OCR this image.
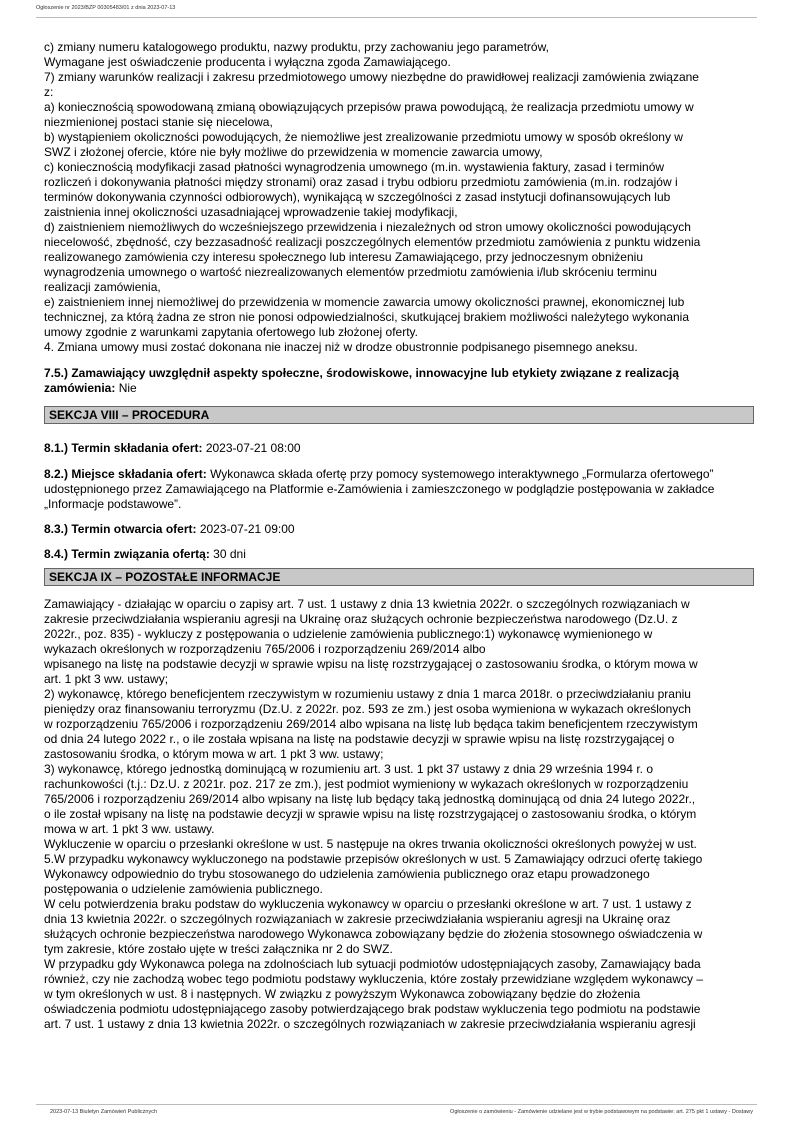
Ogłoszenie nr 2023/BZP 00305483/01 z dnia 2023-07-13
c) zmiany numeru katalogowego produktu, nazwy produktu, przy zachowaniu jego parametrów,
Wymagane jest oświadczenie producenta i wyłączna zgoda Zamawiającego.
7) zmiany warunków realizacji i zakresu przedmiotowego umowy niezbędne do prawidłowej realizacji zamówienia związane
z:
a) koniecznością spowodowaną zmianą obowiązujących przepisów prawa powodującą, że realizacja przedmiotu umowy w
niezmienionej postaci stanie się niecelowa,
b) wystąpieniem okoliczności powodujących, że niemożliwe jest zrealizowanie przedmiotu umowy w sposób określony w
SWZ i złożonej ofercie, które nie były możliwe do przewidzenia w momencie zawarcia umowy,
c) koniecznością modyfikacji zasad płatności wynagrodzenia umownego (m.in. wystawienia faktury, zasad i terminów
rozliczeń i dokonywania płatności między stronami) oraz zasad i trybu odbioru przedmiotu zamówienia (m.in. rodzajów i
terminów dokonywania czynności odbiorowych), wynikającą w szczególności z zasad instytucji dofinansowujących lub
zaistnienia innej okoliczności uzasadniającej wprowadzenie takiej modyfikacji,
d) zaistnieniem niemożliwych do wcześniejszego przewidzenia i niezależnych od stron umowy okoliczności powodujących
niecelowość, zbędność, czy bezzasadność realizacji poszczególnych elementów przedmiotu zamówienia z punktu widzenia
realizowanego zamówienia czy interesu społecznego lub interesu Zamawiającego, przy jednoczesnym obniżeniu
wynagrodzenia umownego o wartość niezrealizowanych elementów przedmiotu zamówienia i/lub skróceniu terminu
realizacji zamówienia,
e) zaistnieniem innej niemożliwej do przewidzenia w momencie zawarcia umowy okoliczności prawnej, ekonomicznej lub
technicznej, za którą żadna ze stron nie ponosi odpowiedzialności, skutkującej brakiem możliwości należytego wykonania
umowy zgodnie z warunkami zapytania ofertowego lub złożonej oferty.
4. Zmiana umowy musi zostać dokonana nie inaczej niż w drodze obustronnie podpisanego pisemnego aneksu.

7.5.) Zamawiający uwzględnił aspekty społeczne, środowiskowe, innowacyjne lub etykiety związane z realizacją
zamówienia: Nie

SEKCJA VIII – PROCEDURA

8.1.) Termin składania ofert: 2023-07-21 08:00

8.2.) Miejsce składania ofert: Wykonawca składa ofertę przy pomocy systemowego interaktywnego „Formularza ofertowego”
udostępnionego przez Zamawiającego na Platformie e-Zamówienia i zamieszczonego w podglądzie postępowania w zakładce
„Informacje podstawowe”.

8.3.) Termin otwarcia ofert: 2023-07-21 09:00

8.4.) Termin związania ofertą: 30 dni

SEKCJA IX – POZOSTAŁE INFORMACJE
Zamawiający - działając w oparciu o zapisy art. 7 ust. 1 ustawy z dnia 13 kwietnia 2022r. o szczególnych rozwiązaniach w
zakresie przeciwdziałania wspieraniu agresji na Ukrainę oraz służących ochronie bezpieczeństwa narodowego (Dz.U. z
2022r., poz. 835) - wykluczy z postępowania o udzielenie zamówienia publicznego:1) wykonawcę wymienionego w
wykazach określonych w rozporządzeniu 765/2006 i rozporządzeniu 269/2014 albo
wpisanego na listę na podstawie decyzji w sprawie wpisu na listę rozstrzygającej o zastosowaniu środka, o którym mowa w
art. 1 pkt 3 ww. ustawy;
2) wykonawcę, którego beneficjentem rzeczywistym w rozumieniu ustawy z dnia 1 marca 2018r. o przeciwdziałaniu praniu
pieniędzy oraz finansowaniu terroryzmu (Dz.U. z 2022r. poz. 593 ze zm.) jest osoba wymieniona w wykazach określonych
w rozporządzeniu 765/2006 i rozporządzeniu 269/2014 albo wpisana na listę lub będąca takim beneficjentem rzeczywistym
od dnia 24 lutego 2022 r., o ile została wpisana na listę na podstawie decyzji w sprawie wpisu na listę rozstrzygającej o
zastosowaniu środka, o którym mowa w art. 1 pkt 3 ww. ustawy;
3) wykonawcę, którego jednostką dominującą w rozumieniu art. 3 ust. 1 pkt 37 ustawy z dnia 29 września 1994 r. o
rachunkowości (t.j.: Dz.U. z 2021r. poz. 217 ze zm.), jest podmiot wymieniony w wykazach określonych w rozporządzeniu
765/2006 i rozporządzeniu 269/2014 albo wpisany na listę lub będący taką jednostką dominującą od dnia 24 lutego 2022r.,
o ile został wpisany na listę na podstawie decyzji w sprawie wpisu na listę rozstrzygającej o zastosowaniu środka, o którym
mowa w art. 1 pkt 3 ww. ustawy.
Wykluczenie w oparciu o przesłanki określone w ust. 5 następuje na okres trwania okoliczności określonych powyżej w ust.
5.W przypadku wykonawcy wykluczonego na podstawie przepisów określonych w ust. 5 Zamawiający odrzuci ofertę takiego
Wykonawcy odpowiednio do trybu stosowanego do udzielenia zamówienia publicznego oraz etapu prowadzonego
postępowania o udzielenie zamówienia publicznego.
W celu potwierdzenia braku podstaw do wykluczenia wykonawcy w oparciu o przesłanki określone w art. 7 ust. 1 ustawy z
dnia 13 kwietnia 2022r. o szczególnych rozwiązaniach w zakresie przeciwdziałania wspieraniu agresji na Ukrainę oraz
służących ochronie bezpieczeństwa narodowego Wykonawca zobowiązany będzie do złożenia stosownego oświadczenia w
tym zakresie, które zostało ujęte w treści załącznika nr 2 do SWZ.
W przypadku gdy Wykonawca polega na zdolnościach lub sytuacji podmiotów udostępniających zasoby, Zamawiający bada
również, czy nie zachodzą wobec tego podmiotu podstawy wykluczenia, które zostały przewidziane względem wykonawcy –
w tym określonych w ust. 8 i następnych. W związku z powyższym Wykonawca zobowiązany będzie do złożenia
oświadczenia podmiotu udostępniającego zasoby potwierdzającego brak podstaw wykluczenia tego podmiotu na podstawie
art. 7 ust. 1 ustawy z dnia 13 kwietnia 2022r. o szczególnych rozwiązaniach w zakresie przeciwdziałania wspieraniu agresji
2023-07-13 Biuletyn Zamówień Publicznych	Ogłoszenie o zamówieniu - Zamówienie udzielane jest w trybie podstawowym na podstawie: art. 275 pkt 1 ustawy - Dostawy
